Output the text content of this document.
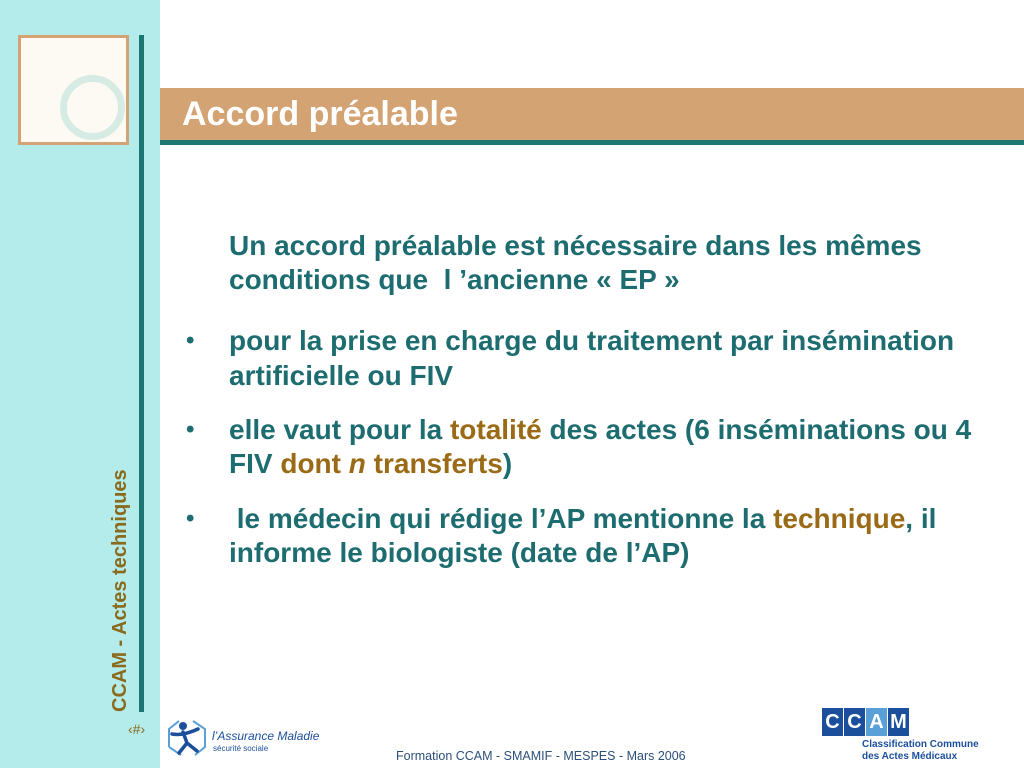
Accord préalable
CCAM - Actes techniques
Un accord préalable est nécessaire dans les mêmes
conditions que  l ’ancienne « EP »
• pour la prise en charge du traitement par insémination
artificielle ou FIV
• elle vaut pour la totalité des actes (6 inséminations ou 4
FIV dont n transferts)
• le médecin qui rédige l’AP mentionne la technique, il
informe le biologiste (date de l’AP)
‹#›	l’Assurance Maladie
sécurité sociale
Formation CCAM - SMAMIF - MESPES - Mars 2006
C C A M
Classification Commune
des Actes Médicaux
